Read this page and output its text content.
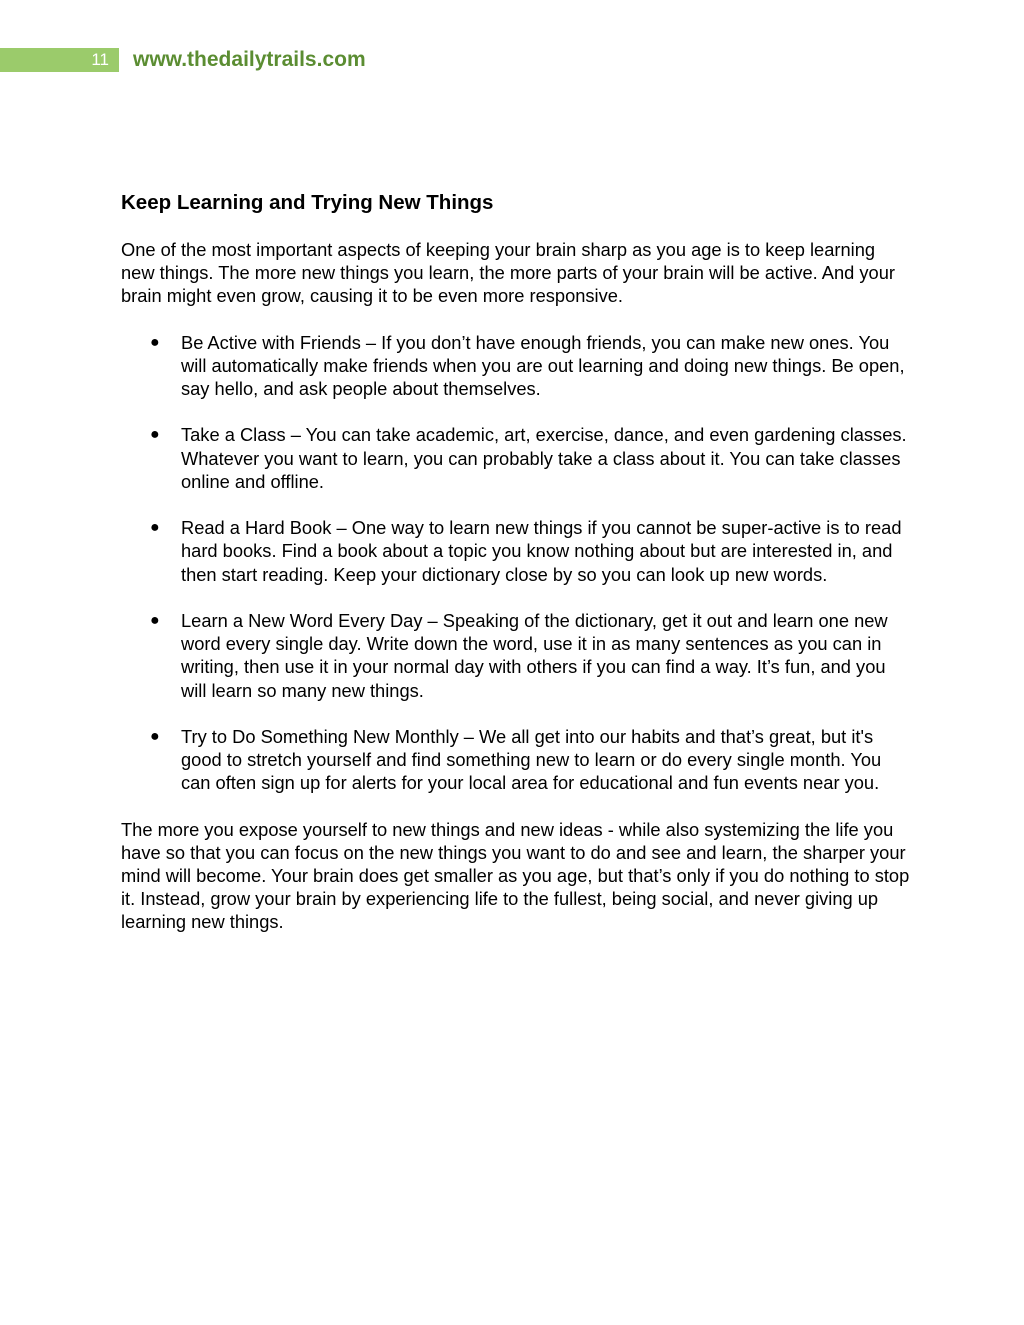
11	www.thedailytrails.com
Keep Learning and Trying New Things

One of the most important aspects of keeping your brain sharp as you age is to keep learning new things. The more new things you learn, the more parts of your brain will be active. And your brain might even grow, causing it to be even more responsive.

● Be Active with Friends – If you don’t have enough friends, you can make new ones. You will automatically make friends when you are out learning and doing new things. Be open, say hello, and ask people about themselves.
● Take a Class – You can take academic, art, exercise, dance, and even gardening classes. Whatever you want to learn, you can probably take a class about it. You can take classes online and offline.
● Read a Hard Book – One way to learn new things if you cannot be super-active is to read hard books. Find a book about a topic you know nothing about but are interested in, and then start reading. Keep your dictionary close by so you can look up new words.
● Learn a New Word Every Day – Speaking of the dictionary, get it out and learn one new word every single day. Write down the word, use it in as many sentences as you can in writing, then use it in your normal day with others if you can find a way. It’s fun, and you will learn so many new things.
● Try to Do Something New Monthly – We all get into our habits and that’s great, but it's good to stretch yourself and find something new to learn or do every single month. You can often sign up for alerts for your local area for educational and fun events near you.

The more you expose yourself to new things and new ideas - while also systemizing the life you have so that you can focus on the new things you want to do and see and learn, the sharper your mind will become. Your brain does get smaller as you age, but that’s only if you do nothing to stop it. Instead, grow your brain by experiencing life to the fullest, being social, and never giving up learning new things.
